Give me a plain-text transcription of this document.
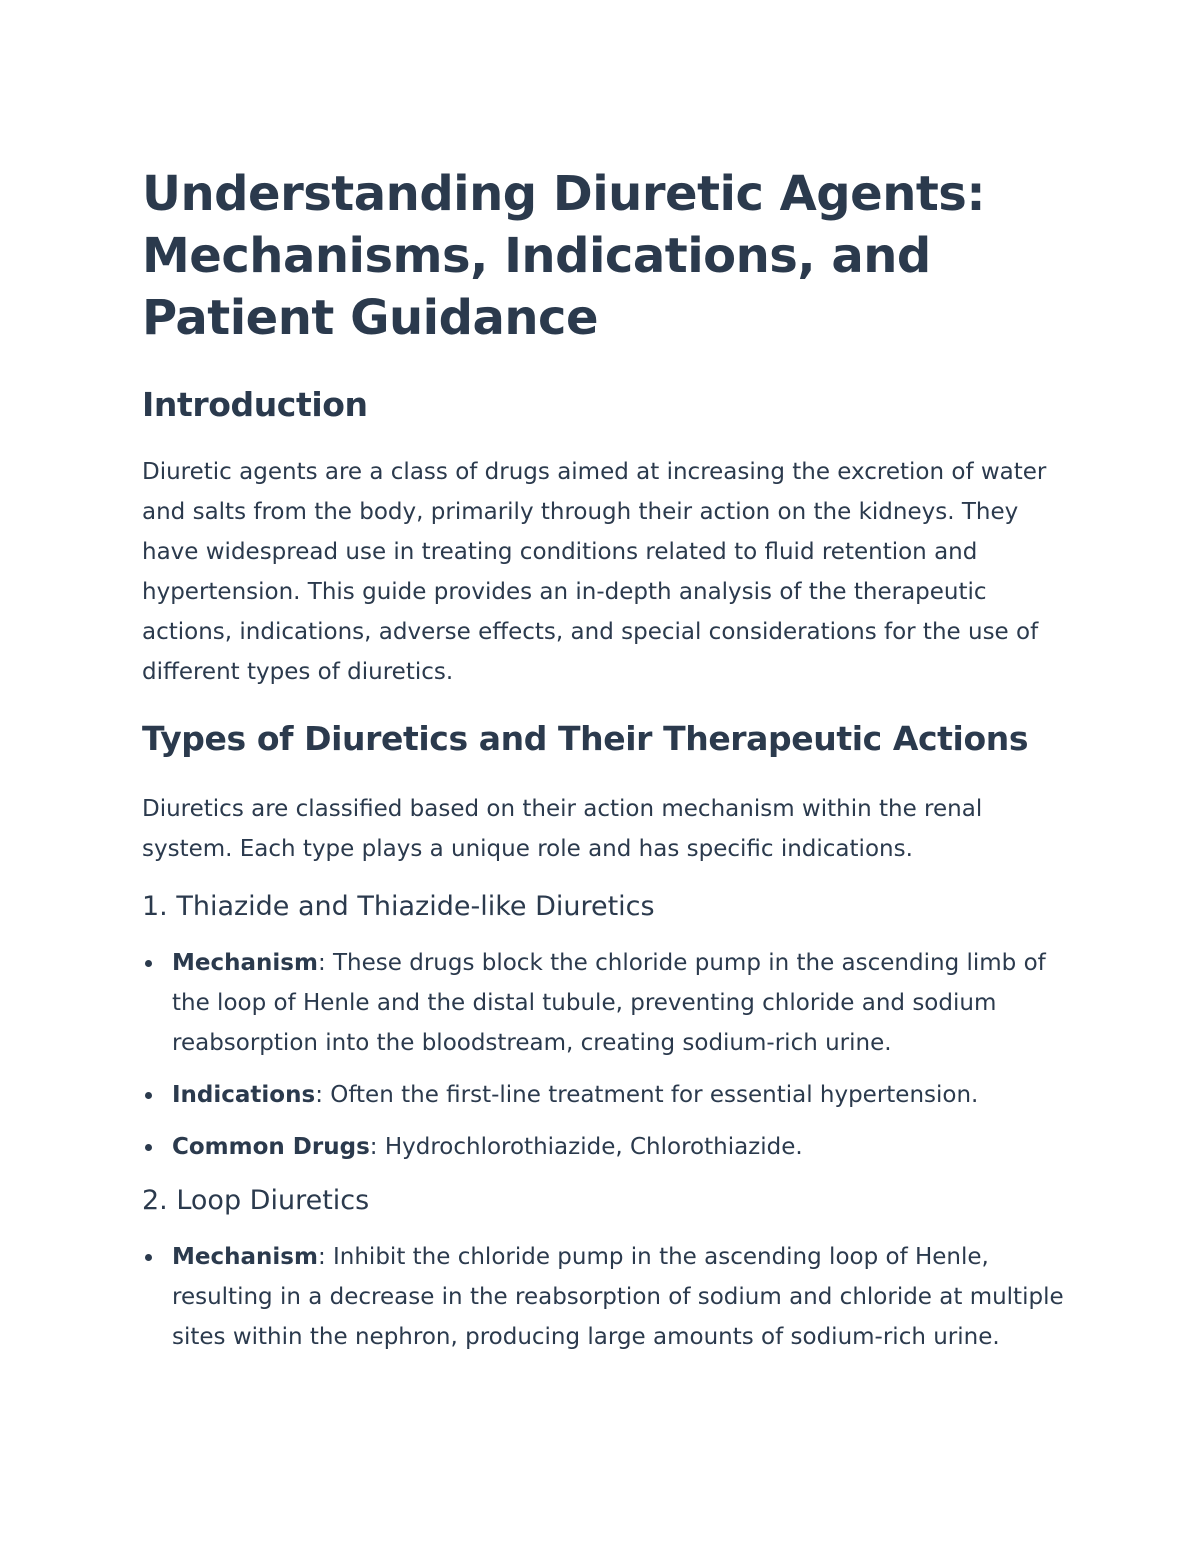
Understanding Diuretic Agents: Mechanisms, Indications, and Patient Guidance
Introduction

Diuretic agents are a class of drugs aimed at increasing the excretion of water and salts from the body, primarily through their action on the kidneys. They have widespread use in treating conditions related to fluid retention and hypertension. This guide provides an in-depth analysis of the therapeutic actions, indications, adverse effects, and special considerations for the use of different types of diuretics.

Types of Diuretics and Their Therapeutic Actions

Diuretics are classified based on their action mechanism within the renal system. Each type plays a unique role and has specific indications.

1. Thiazide and Thiazide-like Diuretics
Mechanism: These drugs block the chloride pump in the ascending limb of the loop of Henle and the distal tubule, preventing chloride and sodium reabsorption into the bloodstream, creating sodium-rich urine.
Indications: Often the first-line treatment for essential hypertension.
Common Drugs: Hydrochlorothiazide, Chlorothiazide.
2. Loop Diuretics
Mechanism: Inhibit the chloride pump in the ascending loop of Henle, resulting in a decrease in the reabsorption of sodium and chloride at multiple sites within the nephron, producing large amounts of sodium-rich urine.
